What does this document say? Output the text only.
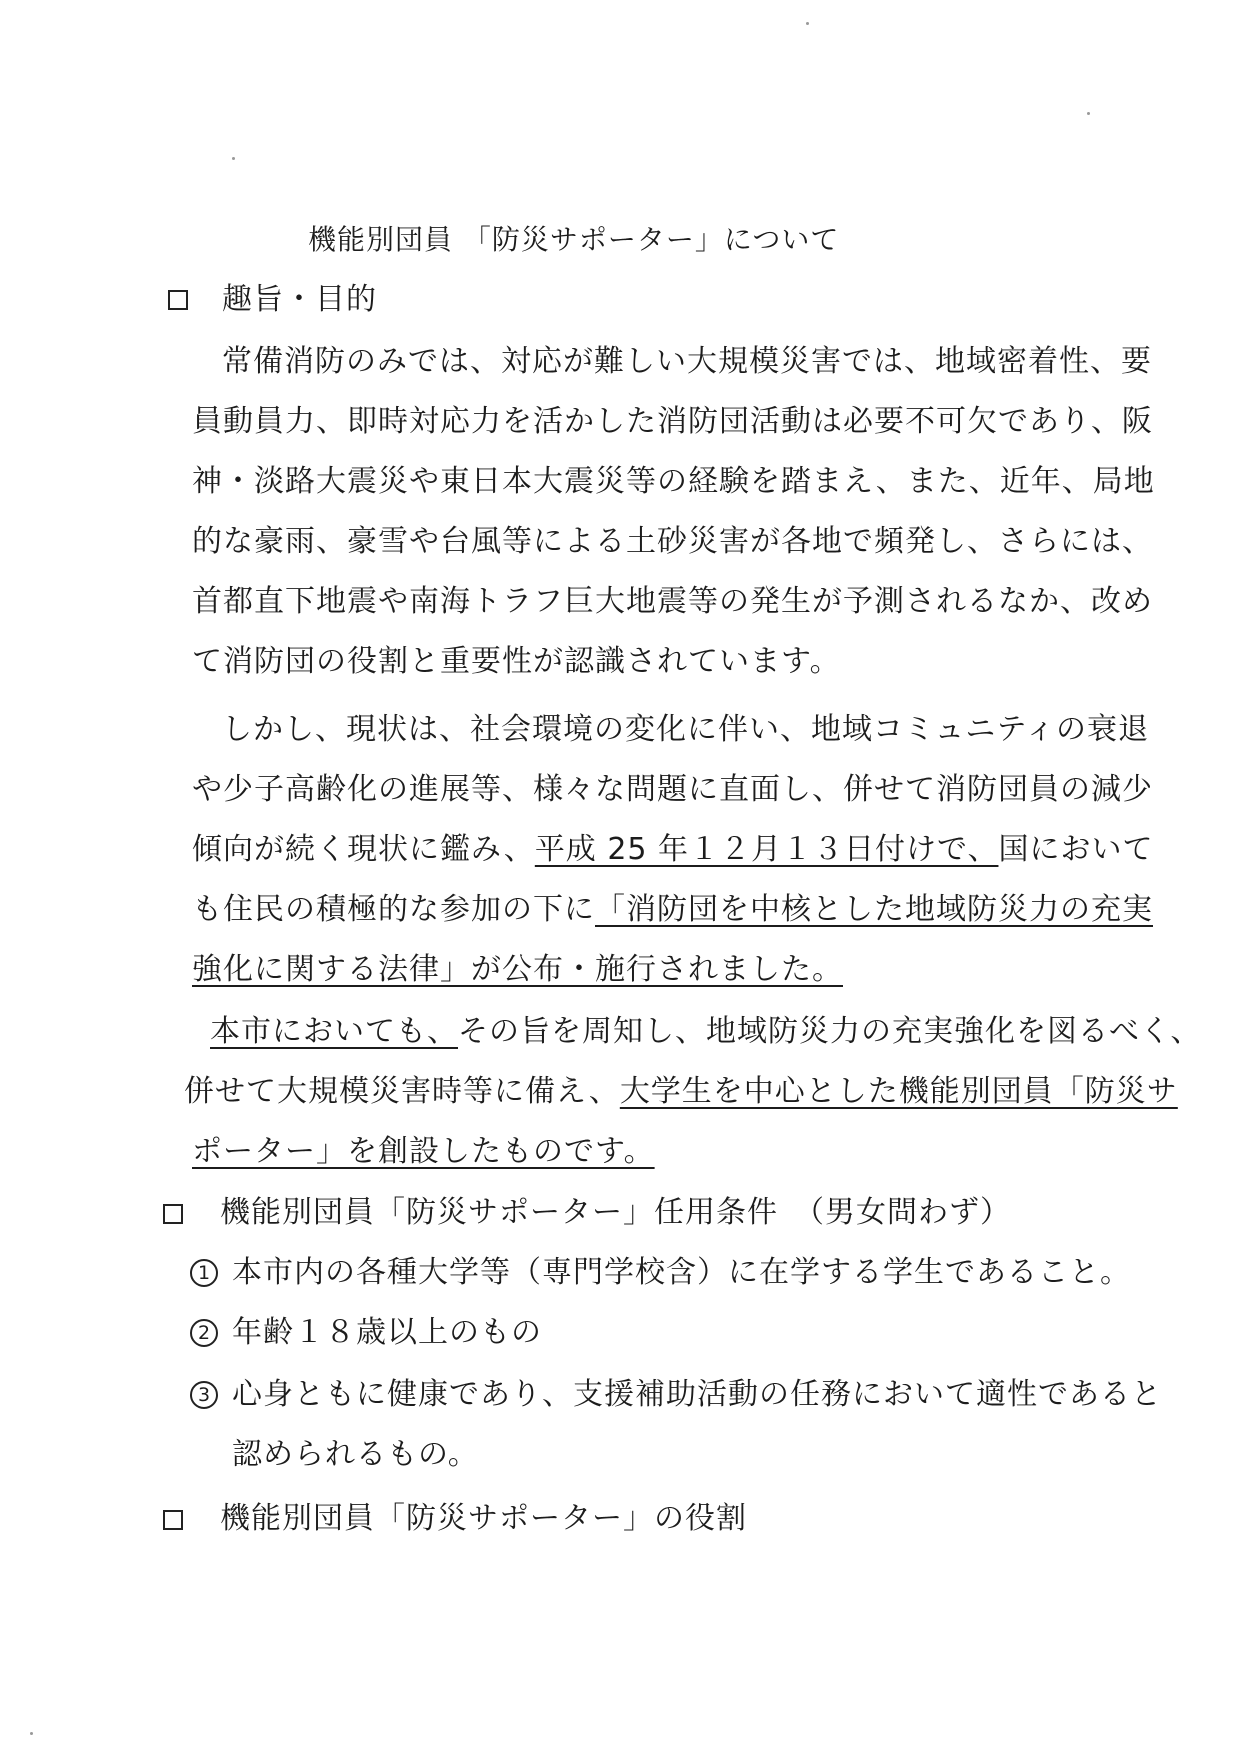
機能別団員 「防災サポーター」について
趣旨・目的
常備消防のみでは、対応が難しい大規模災害では、地域密着性、要
員動員力、即時対応力を活かした消防団活動は必要不可欠であり、阪
神・淡路大震災や東日本大震災等の経験を踏まえ、また、近年、局地
的な豪雨、豪雪や台風等による土砂災害が各地で頻発し、さらには、
首都直下地震や南海トラフ巨大地震等の発生が予測されるなか、改め
て消防団の役割と重要性が認識されています。
しかし、現状は、社会環境の変化に伴い、地域コミュニティの衰退
や少子高齢化の進展等、様々な問題に直面し、併せて消防団員の減少
傾向が続く現状に鑑み、平成 25 年１２月１３日付けで、国において
も住民の積極的な参加の下に「消防団を中核とした地域防災力の充実
強化に関する法律」が公布・施行されました。
本市においても、その旨を周知し、地域防災力の充実強化を図るべく、
併せて大規模災害時等に備え、大学生を中心とした機能別団員「防災サ
ポーター」を創設したものです。
機能別団員「防災サポーター」任用条件　（男女問わず）
1 本市内の各種大学等（専門学校含）に在学する学生であること。
2 年齢１８歳以上のもの
3 心身ともに健康であり、支援補助活動の任務において適性であると
認められるもの。
機能別団員「防災サポーター」の役割
